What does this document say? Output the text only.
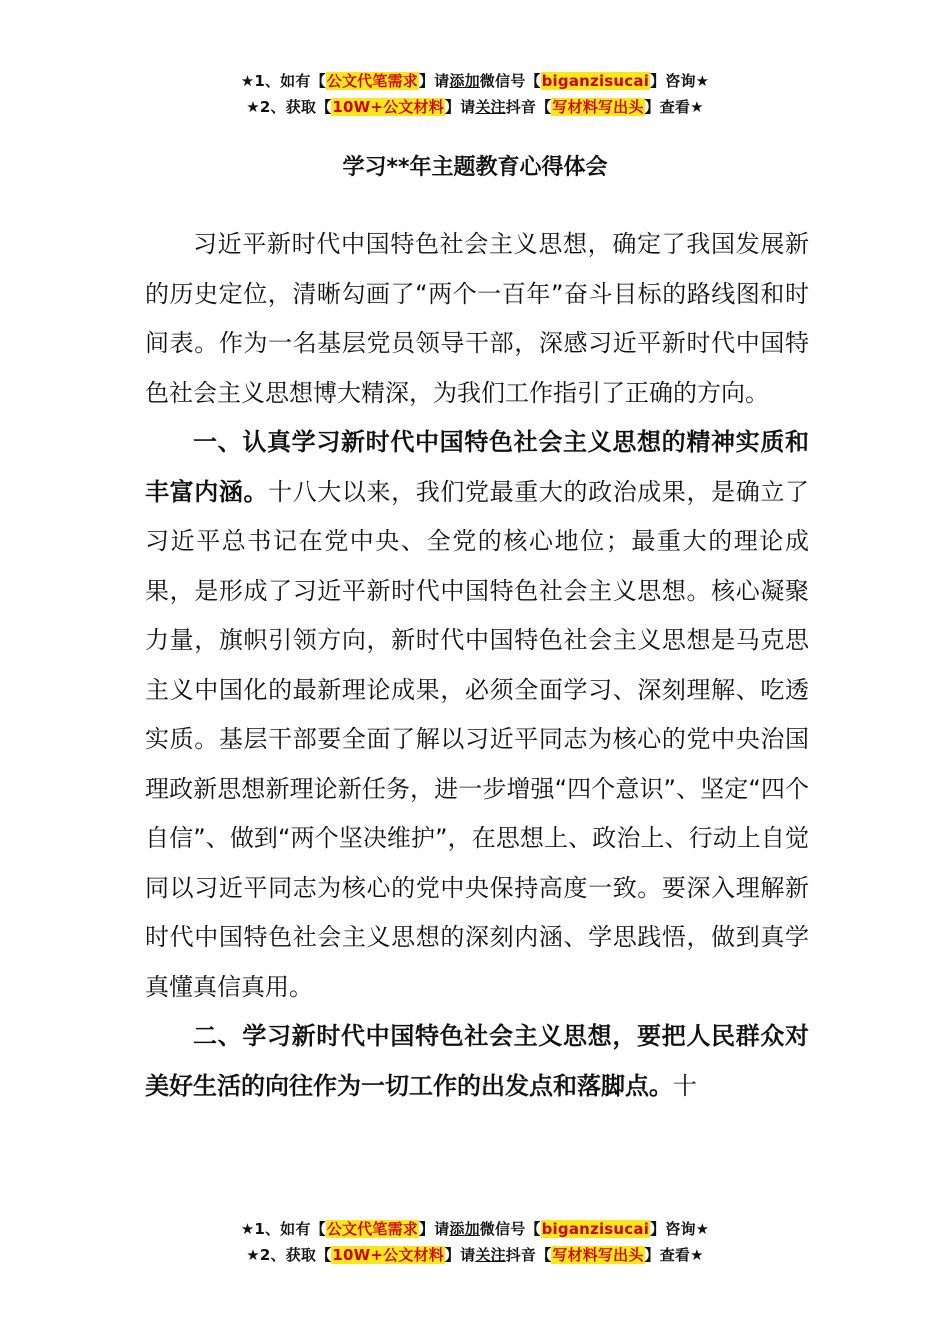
★1、如有【公文代笔需求】请添加微信号【biganzisucai】咨询★
★2、获取【10W+公文材料】请关注抖音【写材料写出头】查看★
学习**年主题教育心得体会

习近平新时代中国特色社会主义思想，确定了我国发展新的历史定位，清晰勾画了“两个一百年”奋斗目标的路线图和时间表。作为一名基层党员领导干部，深感习近平新时代中国特色社会主义思想博大精深，为我们工作指引了正确的方向。

一、认真学习新时代中国特色社会主义思想的精神实质和丰富内涵。十八大以来，我们党最重大的政治成果，是确立了习近平总书记在党中央、全党的核心地位；最重大的理论成果，是形成了习近平新时代中国特色社会主义思想。核心凝聚力量，旗帜引领方向，新时代中国特色社会主义思想是马克思主义中国化的最新理论成果，必须全面学习、深刻理解、吃透实质。基层干部要全面了解以习近平同志为核心的党中央治国理政新思想新理论新任务，进一步增强“四个意识”、坚定“四个自信”、做到“两个坚决维护”，在思想上、政治上、行动上自觉同以习近平同志为核心的党中央保持高度一致。要深入理解新时代中国特色社会主义思想的深刻内涵、学思践悟，做到真学真懂真信真用。

二、学习新时代中国特色社会主义思想，要把人民群众对美好生活的向往作为一切工作的出发点和落脚点。十

★1、如有【公文代笔需求】请添加微信号【biganzisucai】咨询★
★2、获取【10W+公文材料】请关注抖音【写材料写出头】查看★
